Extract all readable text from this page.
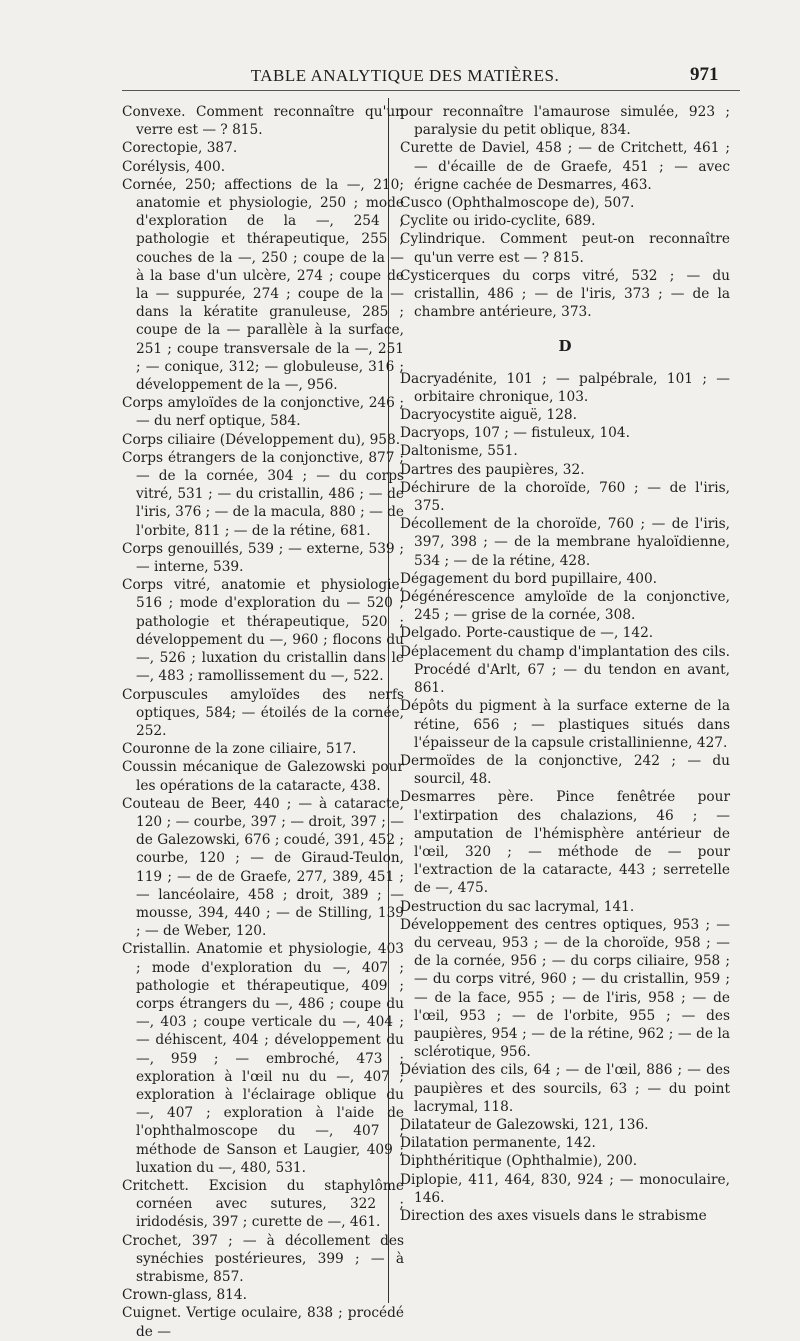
TABLE ANALYTIQUE DES MATIÈRES.	971

Convexe. Comment reconnaître qu'un verre est — ? 815.

Corectopie, 387.

Corélysis, 400.

Cornée, 250; affections de la —, 210; anatomie et physiologie, 250 ; mode d'exploration de la —, 254 ; pathologie et thérapeutique, 255 ; couches de la —, 250 ; coupe de la — à la base d'un ulcère, 274 ; coupe de la — suppurée, 274 ; coupe de la — dans la kératite granuleuse, 285 ; coupe de la — parallèle à la surface, 251 ; coupe transversale de la —, 251 ; — conique, 312; — globuleuse, 316 ; développement de la —, 956.

Corps amyloïdes de la conjonctive, 246 ; — du nerf optique, 584.

Corps ciliaire (Développement du), 958.

Corps étrangers de la conjonctive, 877 ; — de la cornée, 304 ; — du corps vitré, 531 ; — du cristallin, 486 ; — de l'iris, 376 ; — de la macula, 880 ; — de l'orbite, 811 ; — de la rétine, 681.

Corps genouillés, 539 ; — externe, 539 ; — interne, 539.

Corps vitré, anatomie et physiologie, 516 ; mode d'exploration du — 520 ; pathologie et thérapeutique, 520 ; développement du —, 960 ; flocons du —, 526 ; luxation du cristallin dans le —, 483 ; ramollissement du —, 522.

Corpuscules amyloïdes des nerfs optiques, 584; — étoilés de la cornée, 252.

Couronne de la zone ciliaire, 517.

Coussin mécanique de Galezowski pour les opérations de la cataracte, 438.

Couteau de Beer, 440 ; — à cataracte, 120 ; — courbe, 397 ; — droit, 397 ; — de Galezowski, 676 ; coudé, 391, 452 ; courbe, 120 ; — de Giraud-Teulon, 119 ; — de de Graefe, 277, 389, 451 ; — lancéolaire, 458 ; droit, 389 ; — mousse, 394, 440 ; — de Stilling, 139 ; — de Weber, 120.

Cristallin. Anatomie et physiologie, 403 ; mode d'exploration du —, 407 ; pathologie et thérapeutique, 409 ; corps étrangers du —, 486 ; coupe du —, 403 ; coupe verticale du —, 404 ; — déhiscent, 404 ; développement du —, 959 ; — embroché, 473 ; exploration à l'œil nu du —, 407 ; exploration à l'éclairage oblique du —, 407 ; exploration à l'aide de l'ophthalmoscope du —, 407 ; méthode de Sanson et Laugier, 409 ; luxation du —, 480, 531.

Critchett. Excision du staphylôme cornéen avec sutures, 322 ; iridodésis, 397 ; curette de —, 461.

Crochet, 397 ; — à décollement des synéchies postérieures, 399 ; — à strabisme, 857.

Crown-glass, 814.

Cuignet. Vertige oculaire, 838 ; procédé de —

pour reconnaître l'amaurose simulée, 923 ; paralysie du petit oblique, 834.

Curette de Daviel, 458 ; — de Critchett, 461 ; — d'écaille de de Graefe, 451 ; — avec érigne cachée de Desmarres, 463.

Cusco (Ophthalmoscope de), 507.

Cyclite ou irido-cyclite, 689.

Cylindrique. Comment peut-on reconnaître qu'un verre est — ? 815.

Cysticerques du corps vitré, 532 ; — du cristallin, 486 ; — de l'iris, 373 ; — de la chambre antérieure, 373.

D

Dacryadénite, 101 ; — palpébrale, 101 ; — orbitaire chronique, 103.

Dacryocystite aiguë, 128.

Dacryops, 107 ; — fistuleux, 104.

Daltonisme, 551.

Dartres des paupières, 32.

Déchirure de la choroïde, 760 ; — de l'iris, 375.

Décollement de la choroïde, 760 ; — de l'iris, 397, 398 ; — de la membrane hyaloïdienne, 534 ; — de la rétine, 428.

Dégagement du bord pupillaire, 400.

Dégénérescence amyloïde de la conjonctive, 245 ; — grise de la cornée, 308.

Delgado. Porte-caustique de —, 142.

Déplacement du champ d'implantation des cils. Procédé d'Arlt, 67 ; — du tendon en avant, 861.

Dépôts du pigment à la surface externe de la rétine, 656 ; — plastiques situés dans l'épaisseur de la capsule cristallinienne, 427.

Dermoïdes de la conjonctive, 242 ; — du sourcil, 48.

Desmarres père. Pince fenêtrée pour l'extirpation des chalazions, 46 ; — amputation de l'hémisphère antérieur de l'œil, 320 ; — méthode de — pour l'extraction de la cataracte, 443 ; serretelle de —, 475.

Destruction du sac lacrymal, 141.

Développement des centres optiques, 953 ; — du cerveau, 953 ; — de la choroïde, 958 ; — de la cornée, 956 ; — du corps ciliaire, 958 ; — du corps vitré, 960 ; — du cristallin, 959 ; — de la face, 955 ; — de l'iris, 958 ; — de l'œil, 953 ; — de l'orbite, 955 ; — des paupières, 954 ; — de la rétine, 962 ; — de la sclérotique, 956.

Déviation des cils, 64 ; — de l'œil, 886 ; — des paupières et des sourcils, 63 ; — du point lacrymal, 118.

Dilatateur de Galezowski, 121, 136.

Dilatation permanente, 142.

Diphthéritique (Ophthalmie), 200.

Diplopie, 411, 464, 830, 924 ; — monoculaire, 146.

Direction des axes visuels dans le strabisme
